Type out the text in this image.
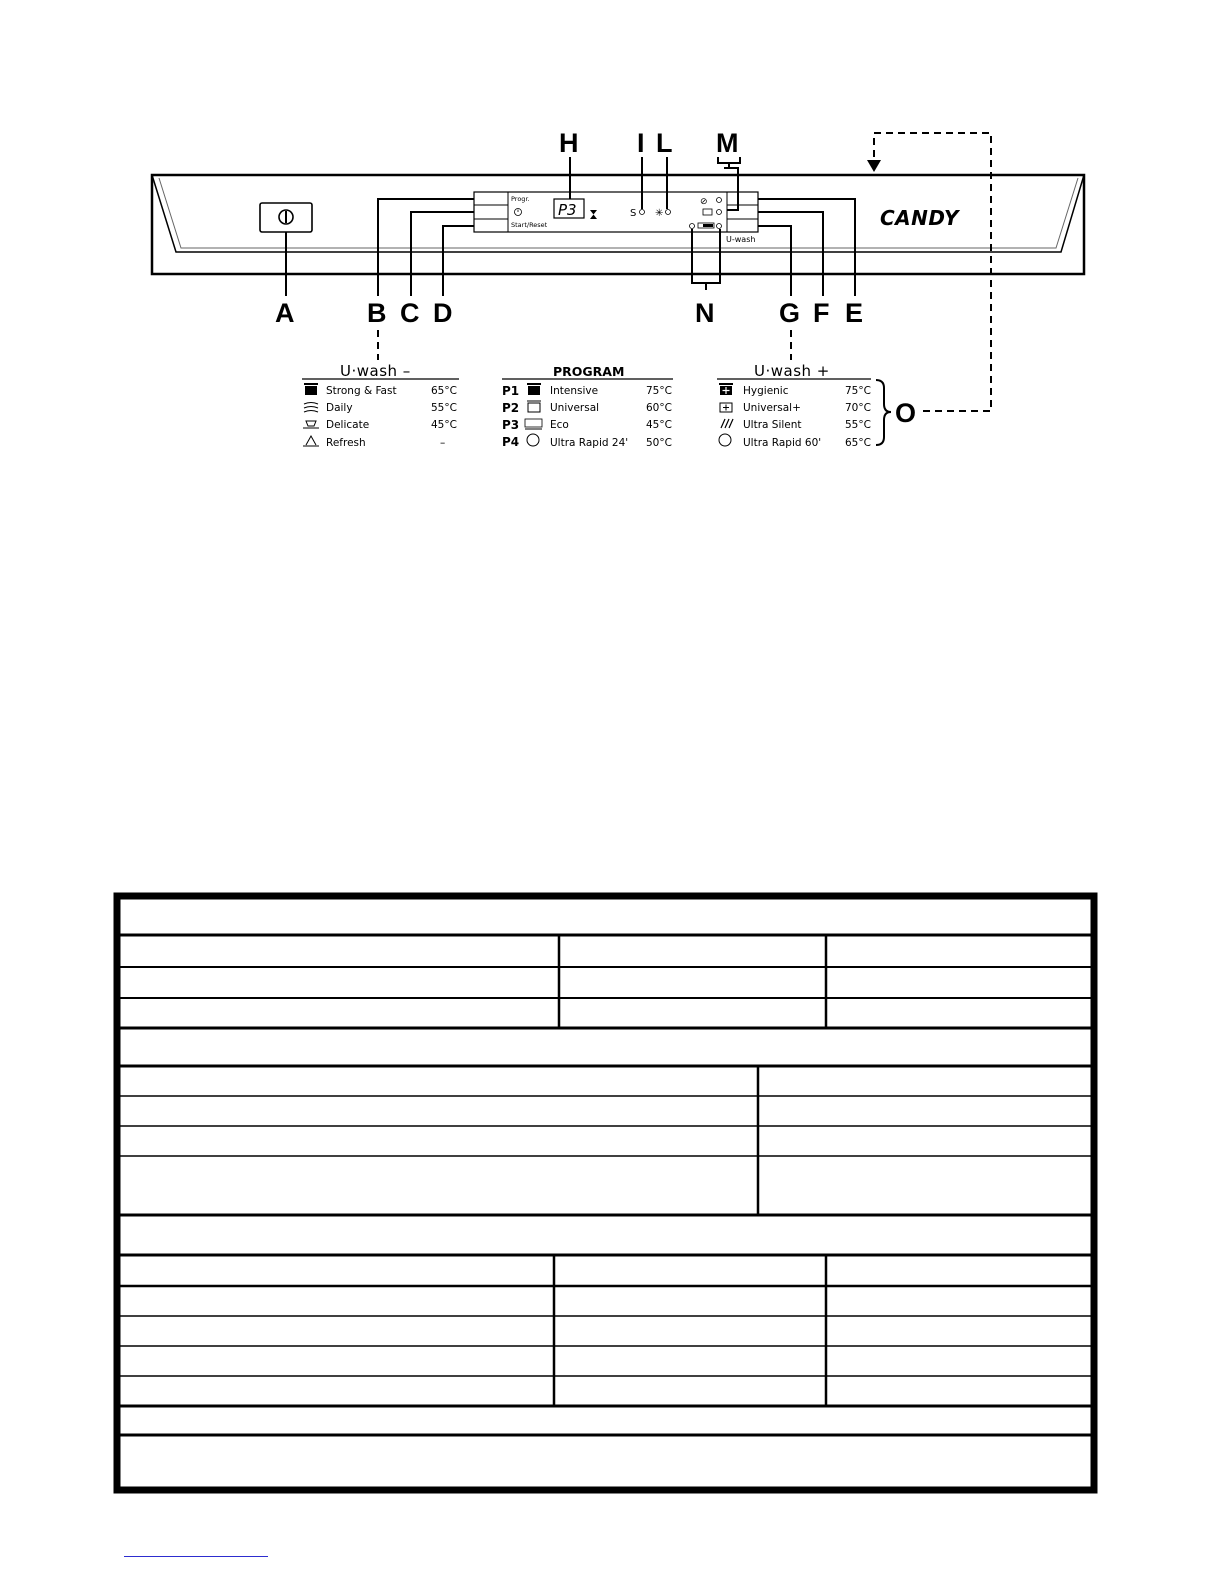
Progr.
Start/Reset
P3	S ✳
⊘
U-wash
CANDY
A	B C D
H I L M
N G F E
O
U·wash –
Strong & Fast	65°C
Daily	55°C
Delicate	45°C
Refresh	–
PROGRAM
P1	Intensive	75°C
P2	Universal	60°C
P3	Eco	45°C
P4	Ultra Rapid 24' 50°C
U·wash +
Hygienic	75°C
Universal+	70°C
Ultra Silent	55°C
Ultra Rapid 60' 65°C
